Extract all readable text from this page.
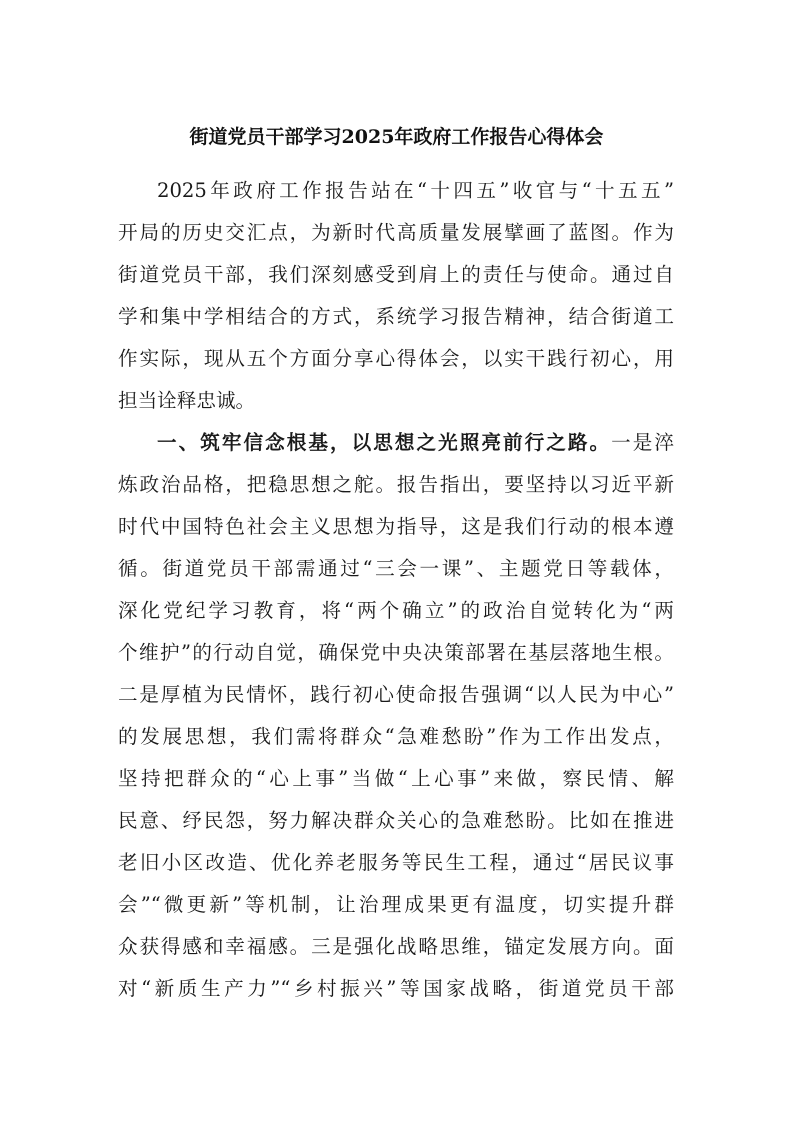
街道党员干部学习2025年政府工作报告心得体会
2025年政府工作报告站在“十四五”收官与“十五五”
开局的历史交汇点，为新时代高质量发展擘画了蓝图。作为
街道党员干部，我们深刻感受到肩上的责任与使命。通过自
学和集中学相结合的方式，系统学习报告精神，结合街道工
作实际，现从五个方面分享心得体会，以实干践行初心，用
担当诠释忠诚。
一、筑牢信念根基，以思想之光照亮前行之路。一是淬
炼政治品格，把稳思想之舵。报告指出，要坚持以习近平新
时代中国特色社会主义思想为指导，这是我们行动的根本遵
循。街道党员干部需通过“三会一课”、主题党日等载体，
深化党纪学习教育，将“两个确立”的政治自觉转化为“两
个维护”的行动自觉，确保党中央决策部署在基层落地生根。
二是厚植为民情怀，践行初心使命报告强调“以人民为中心”
的发展思想，我们需将群众“急难愁盼”作为工作出发点，
坚持把群众的“心上事”当做“上心事”来做，察民情、解
民意、纾民怨，努力解决群众关心的急难愁盼。比如在推进
老旧小区改造、优化养老服务等民生工程，通过“居民议事
会”“微更新”等机制，让治理成果更有温度，切实提升群
众获得感和幸福感。三是强化战略思维，锚定发展方向。面
对“新质生产力”“乡村振兴”等国家战略，街道党员干部
